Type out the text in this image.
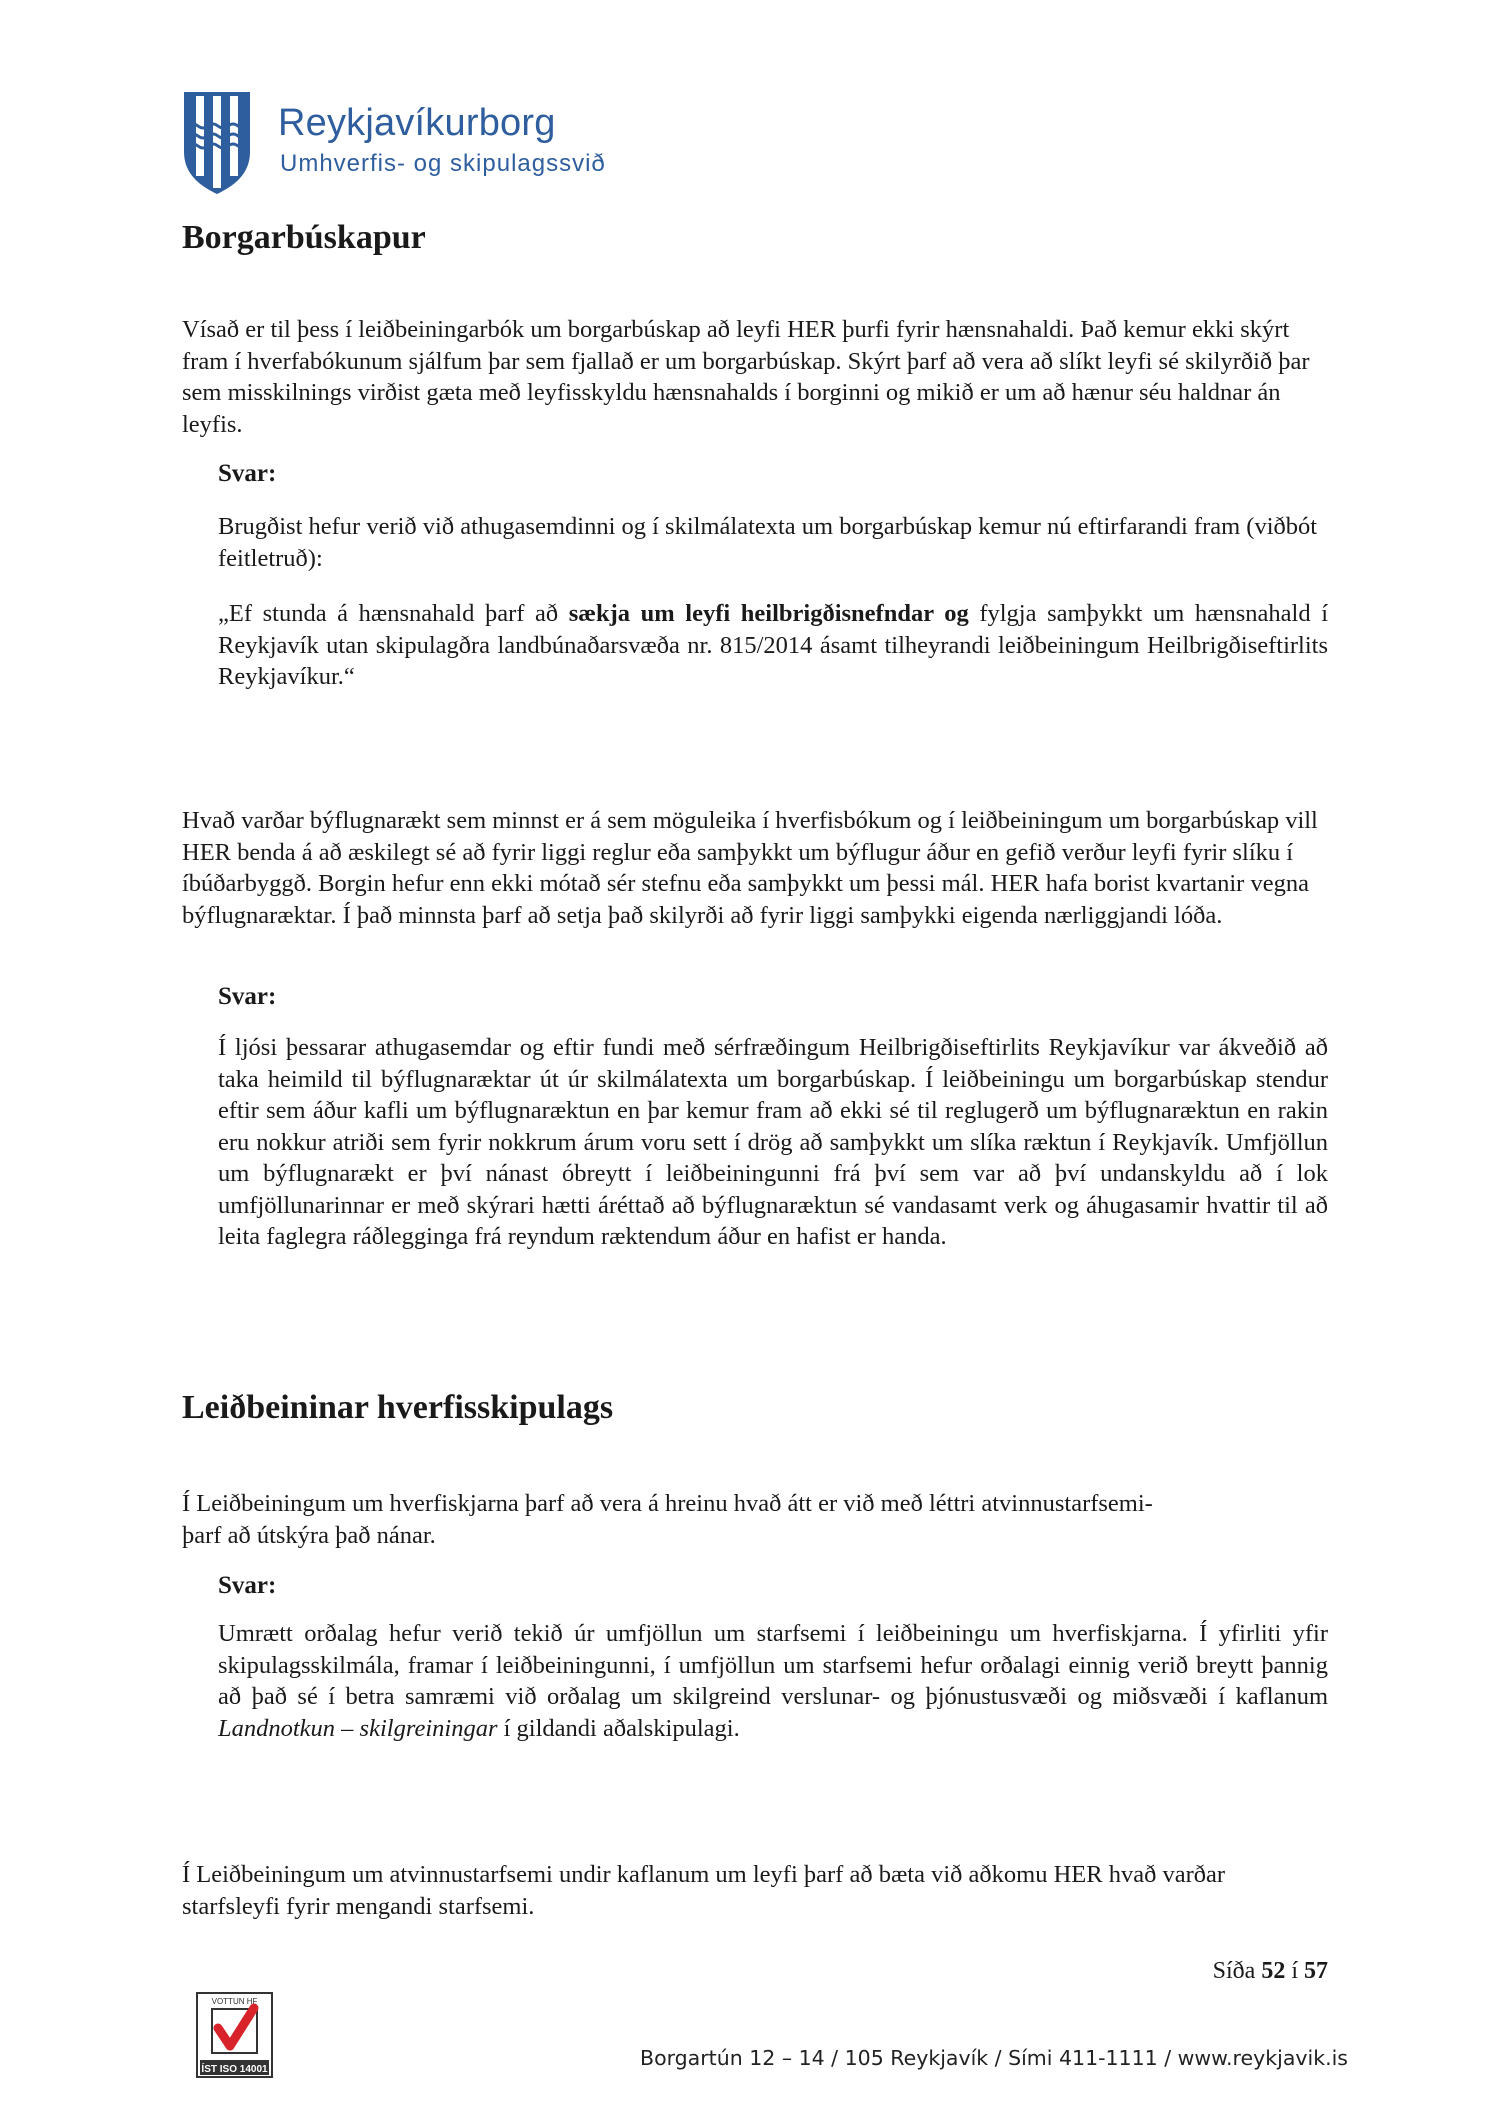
Reykjavíkurborg
Umhverfis- og skipulagssvið
Borgarbúskapur

Vísað er til þess í leiðbeiningarbók um borgarbúskap að leyfi HER þurfi fyrir hænsnahaldi. Það kemur ekki skýrt fram í hverfabókunum sjálfum þar sem fjallað er um borgarbúskap. Skýrt þarf að vera að slíkt leyfi sé skilyrðið þar sem misskilnings virðist gæta með leyfisskyldu hænsnahalds í borginni og mikið er um að hænur séu haldnar án leyfis.

Svar:

Brugðist hefur verið við athugasemdinni og í skilmálatexta um borgarbúskap kemur nú eftirfarandi fram (viðbót feitletruð):

„Ef stunda á hænsnahald þarf að sækja um leyfi heilbrigðisnefndar og fylgja samþykkt um hænsnahald í Reykjavík utan skipulagðra landbúnaðarsvæða nr. 815/2014 ásamt tilheyrandi leiðbeiningum Heilbrigðiseftirlits Reykjavíkur.“

Hvað varðar býflugnarækt sem minnst er á sem möguleika í hverfisbókum og í leiðbeiningum um borgarbúskap vill HER benda á að æskilegt sé að fyrir liggi reglur eða samþykkt um býflugur áður en gefið verður leyfi fyrir slíku í íbúðarbyggð. Borgin hefur enn ekki mótað sér stefnu eða samþykkt um þessi mál. HER hafa borist kvartanir vegna býflugnaræktar. Í það minnsta þarf að setja það skilyrði að fyrir liggi samþykki eigenda nærliggjandi lóða.

Svar:

Í ljósi þessarar athugasemdar og eftir fundi með sérfræðingum Heilbrigðiseftirlits Reykjavíkur var ákveðið að taka heimild til býflugnaræktar út úr skilmálatexta um borgarbúskap. Í leiðbeiningu um borgarbúskap stendur eftir sem áður kafli um býflugnaræktun en þar kemur fram að ekki sé til reglugerð um býflugnaræktun en rakin eru nokkur atriði sem fyrir nokkrum árum voru sett í drög að samþykkt um slíka ræktun í Reykjavík. Umfjöllun um býflugnarækt er því nánast óbreytt í leiðbeiningunni frá því sem var að því undanskyldu að í lok umfjöllunarinnar er með skýrari hætti áréttað að býflugnaræktun sé vandasamt verk og áhugasamir hvattir til að leita faglegra ráðlegginga frá reyndum ræktendum áður en hafist er handa.

Leiðbeininar hverfisskipulags

Í Leiðbeiningum um hverfiskjarna þarf að vera á hreinu hvað átt er við með léttri atvinnustarfsemi-
þarf að útskýra það nánar.

Svar:

Umrætt orðalag hefur verið tekið úr umfjöllun um starfsemi í leiðbeiningu um hverfiskjarna. Í yfirliti yfir skipulagsskilmála, framar í leiðbeiningunni, í umfjöllun um starfsemi hefur orðalagi einnig verið breytt þannig að það sé í betra samræmi við orðalag um skilgreind verslunar- og þjónustusvæði og miðsvæði í kaflanum Landnotkun – skilgreiningar í gildandi aðalskipulagi.

Í Leiðbeiningum um atvinnustarfsemi undir kaflanum um leyfi þarf að bæta við aðkomu HER hvað varðar starfsleyfi fyrir mengandi starfsemi.

Síða 52 í 57
VOTTUN HF
ÍST ISO 14001	Borgartún 12 – 14 / 105 Reykjavík / Sími 411-1111 / www.reykjavik.is
